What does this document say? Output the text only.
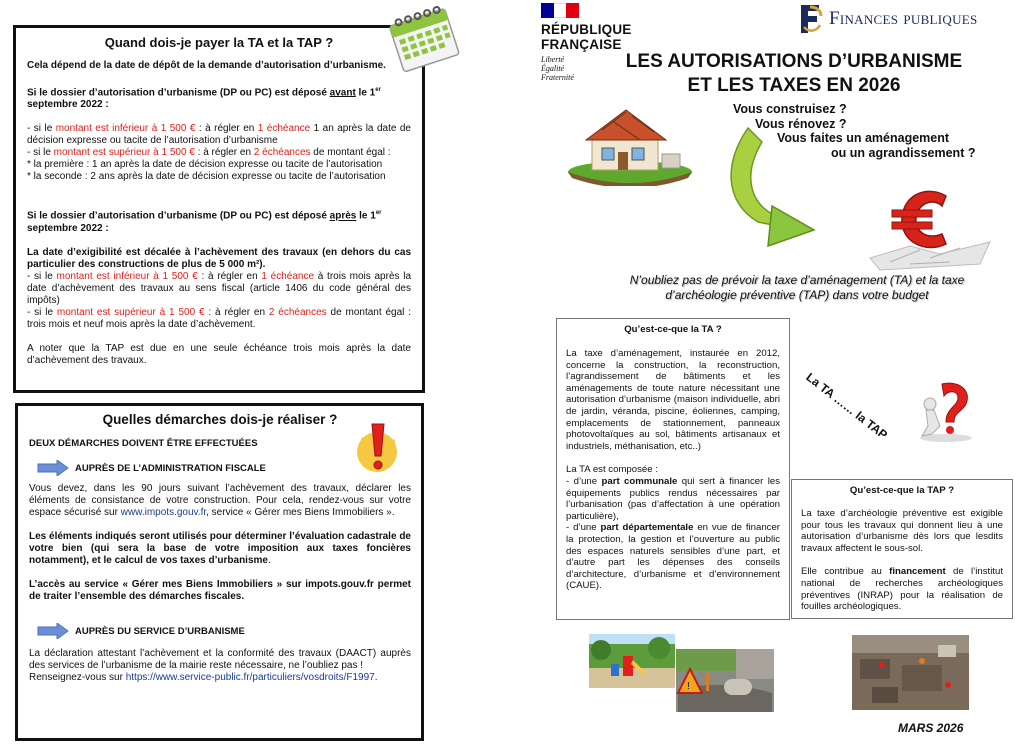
Quand dois-je payer la TA et la TAP ?

Cela dépend de la date de dépôt de la demande d’autorisation d’urbanisme.

Si le dossier d’autorisation d’urbanisme (DP ou PC) est déposé avant le 1er septembre 2022 :

- si le montant est inférieur à 1 500 € : à régler en 1 échéance 1 an après la date de décision expresse ou tacite de l’autorisation d’urbanisme

- si le montant est supérieur à 1 500 € : à régler en 2 échéances de montant égal :

* la première : 1 an après la date de décision expresse ou tacite de l’autorisation

* la seconde : 2 ans après la date de décision expresse ou tacite de l’autorisation

Si le dossier d’autorisation d’urbanisme (DP ou PC) est déposé après le 1er septembre 2022 :

La date d’exigibilité est décalée à l’achèvement des travaux (en dehors du cas particulier des constructions de plus de 5 000 m²).

- si le montant est inférieur à 1 500 € : à régler en 1 échéance à trois mois après la date d’achèvement des travaux au sens fiscal (article 1406 du code général des impôts)

- si le montant est supérieur à 1 500 € : à régler en 2 échéances de montant égal : trois mois et neuf mois après la date d’achèvement.

A noter que la TAP est due en une seule échéance trois mois après la date d’achèvement des travaux.

Quelles démarches dois-je réaliser ?

DEUX DÉMARCHES DOIVENT ÊTRE EFFECTUÉES

AUPRÈS DE L’ADMINISTRATION FISCALE

Vous devez, dans les 90 jours suivant l’achèvement des travaux, déclarer les éléments de consistance de votre construction. Pour cela, rendez-vous sur votre espace sécurisé sur www.impots.gouv.fr, service « Gérer mes Biens Immobiliers ».

Les éléments indiqués seront utilisés pour déterminer l’évaluation cadastrale de votre bien (qui sera la base de votre imposition aux taxes foncières notamment), et le calcul de vos taxes d’urbanisme.

L’accès au service « Gérer mes Biens Immobiliers » sur impots.gouv.fr permet de traiter l’ensemble des démarches fiscales.

AUPRÈS DU SERVICE D’URBANISME

La déclaration attestant l’achèvement et la conformité des travaux (DAACT) auprès des services de l’urbanisme de la mairie reste nécessaire, ne l’oubliez pas !

Renseignez-vous sur https://www.service-public.fr/particuliers/vosdroits/F1997.

RÉPUBLIQUE
FRANÇAISE
Liberté
Égalité
Fraternité
Finances publiques
LES AUTORISATIONS D’URBANISME
ET LES TAXES EN 2026
Vous construisez ?
Vous rénovez ?
Vous faites un aménagement
ou un agrandissement ?
N’oubliez pas de prévoir la taxe d’aménagement (TA) et la taxe
d’archéologie préventive (TAP) dans votre budget
Qu’est-ce-que la TA ?

La taxe d’aménagement, instaurée en 2012, concerne la construction, la reconstruction, l’agrandissement de bâtiments et les aménagements de toute nature nécessitant une autorisation d’urbanisme (maison individuelle, abri de jardin, véranda, piscine, éoliennes, camping, emplacements de stationnement, panneaux photovoltaïques au sol, bâtiments artisanaux et industriels, méthanisation, etc..)

La TA est composée :

- d’une part communale qui sert à financer les équipements publics rendus nécessaires par l’urbanisation (pas d’affectation à une opération particulière),

- d’une part départementale en vue de financer la protection, la gestion et l’ouverture au public des espaces naturels sensibles d’une part, et d’autre part les dépenses des conseils d’architecture, d’urbanisme et d’environnement (CAUE).

La TA …… la TAP
Qu’est-ce-que la TAP ?

La taxe d’archéologie préventive est exigible pour tous les travaux qui donnent lieu à une autorisation d’urbanisme dès lors que lesdits travaux affectent le sous-sol.

Elle contribue au financement de l’institut national de recherches archéologiques préventives (INRAP) pour la réalisation de fouilles archéologiques.

!
MARS 2026
